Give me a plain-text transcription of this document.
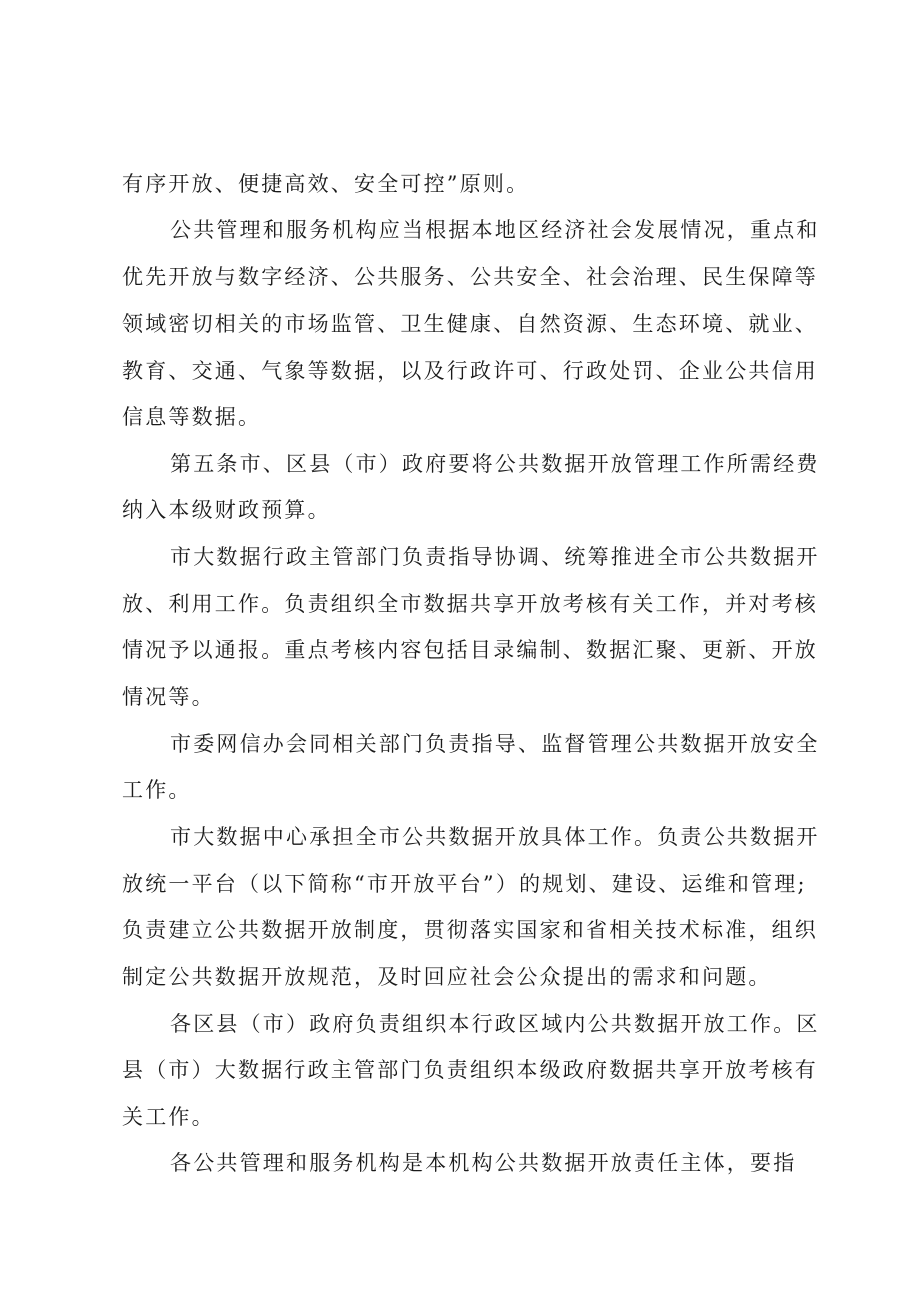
有序开放、便捷高效、安全可控”原则。
公共管理和服务机构应当根据本地区经济社会发展情况，重点和
优先开放与数字经济、公共服务、公共安全、社会治理、民生保障等
领域密切相关的市场监管、卫生健康、自然资源、生态环境、就业、
教育、交通、气象等数据，以及行政许可、行政处罚、企业公共信用
信息等数据。
第五条市、区县（市）政府要将公共数据开放管理工作所需经费
纳入本级财政预算。
市大数据行政主管部门负责指导协调、统筹推进全市公共数据开
放、利用工作。负责组织全市数据共享开放考核有关工作，并对考核
情况予以通报。重点考核内容包括目录编制、数据汇聚、更新、开放
情况等。
市委网信办会同相关部门负责指导、监督管理公共数据开放安全
工作。
市大数据中心承担全市公共数据开放具体工作。负责公共数据开
放统一平台（以下简称“市开放平台”）的规划、建设、运维和管理;
负责建立公共数据开放制度，贯彻落实国家和省相关技术标准，组织
制定公共数据开放规范，及时回应社会公众提出的需求和问题。
各区县（市）政府负责组织本行政区域内公共数据开放工作。区
县（市）大数据行政主管部门负责组织本级政府数据共享开放考核有
关工作。
各公共管理和服务机构是本机构公共数据开放责任主体，要指
